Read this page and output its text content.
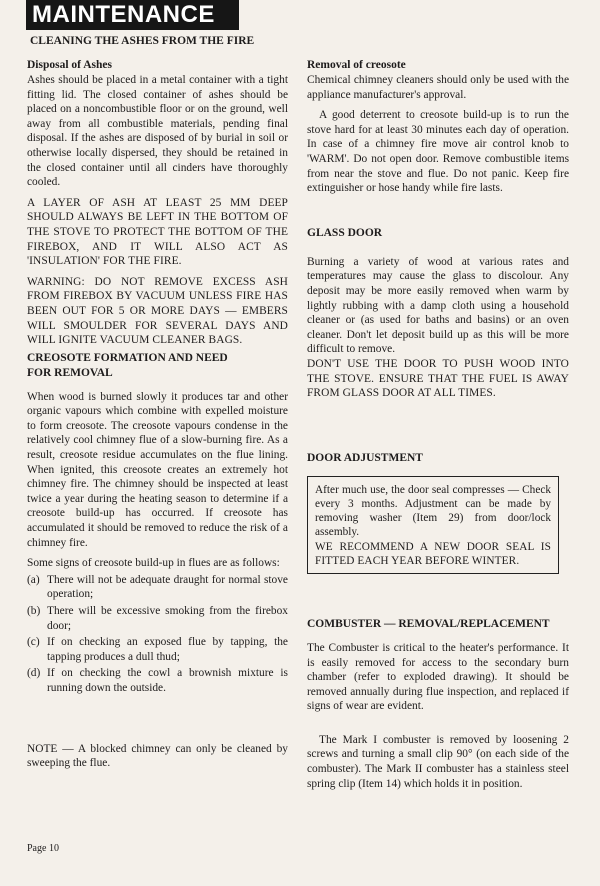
MAINTENANCE
CLEANING THE ASHES FROM THE FIRE
Disposal of Ashes

Ashes should be placed in a metal container with a tight fitting lid. The closed container of ashes should be placed on a noncombustible floor or on the ground, well away from all combustible materials, pending final disposal. If the ashes are disposed of by burial in soil or otherwise locally dispersed, they should be retained in the closed container until all cinders have thoroughly cooled.

A LAYER OF ASH AT LEAST 25 MM DEEP SHOULD ALWAYS BE LEFT IN THE BOTTOM OF THE STOVE TO PROTECT THE BOTTOM OF THE FIREBOX, AND IT WILL ALSO ACT AS 'INSULATION' FOR THE FIRE.

WARNING: DO NOT REMOVE EXCESS ASH FROM FIREBOX BY VACUUM UNLESS FIRE HAS BEEN OUT FOR 5 OR MORE DAYS — EMBERS WILL SMOULDER FOR SEVERAL DAYS AND WILL IGNITE VACUUM CLEANER BAGS.

CREOSOTE FORMATION AND NEED
FOR REMOVAL

When wood is burned slowly it produces tar and other organic vapours which combine with expelled moisture to form creosote. The creosote vapours condense in the relatively cool chimney flue of a slow-burning fire. As a result, creosote residue accumulates on the flue lining. When ignited, this creosote creates an extremely hot chimney fire. The chimney should be inspected at least twice a year during the heating season to determine if a creosote build-up has occurred. If creosote has accumulated it should be removed to reduce the risk of a chimney fire.

Some signs of creosote build-up in flues are as follows:

(a) There will not be adequate draught for normal stove operation;
(b) There will be excessive smoking from the firebox door;
(c) If on checking an exposed flue by tapping, the tapping produces a dull thud;
(d) If on checking the cowl a brownish mixture is running down the outside.

NOTE — A blocked chimney can only be cleaned by sweeping the flue.

Removal of creosote

Chemical chimney cleaners should only be used with the appliance manufacturer's approval.

A good deterrent to creosote build-up is to run the stove hard for at least 30 minutes each day of operation. In case of a chimney fire move air control knob to 'WARM'. Do not open door. Remove combustible items from near the stove and flue. Do not panic. Keep fire extinguisher or hose handy while fire lasts.

GLASS DOOR

Burning a variety of wood at various rates and temperatures may cause the glass to discolour. Any deposit may be more easily removed when warm by lightly rubbing with a damp cloth using a household cleaner or (as used for baths and basins) or an oven cleaner. Don't let deposit build up as this will be more difficult to remove.

DON'T USE THE DOOR TO PUSH WOOD INTO THE STOVE. ENSURE THAT THE FUEL IS AWAY FROM GLASS DOOR AT ALL TIMES.

DOOR ADJUSTMENT

After much use, the door seal compresses — Check every 3 months. Adjustment can be made by removing washer (Item 29) from door/lock assembly.

WE RECOMMEND A NEW DOOR SEAL IS FITTED EACH YEAR BEFORE WINTER.

COMBUSTER — REMOVAL/REPLACEMENT

The Combuster is critical to the heater's performance. It is easily removed for access to the secondary burn chamber (refer to exploded drawing). It should be removed annually during flue inspection, and replaced if signs of wear are evident.

The Mark I combuster is removed by loosening 2 screws and turning a small clip 90° (on each side of the combuster). The Mark II combuster has a stainless steel spring clip (Item 14) which holds it in position.

Page 10
